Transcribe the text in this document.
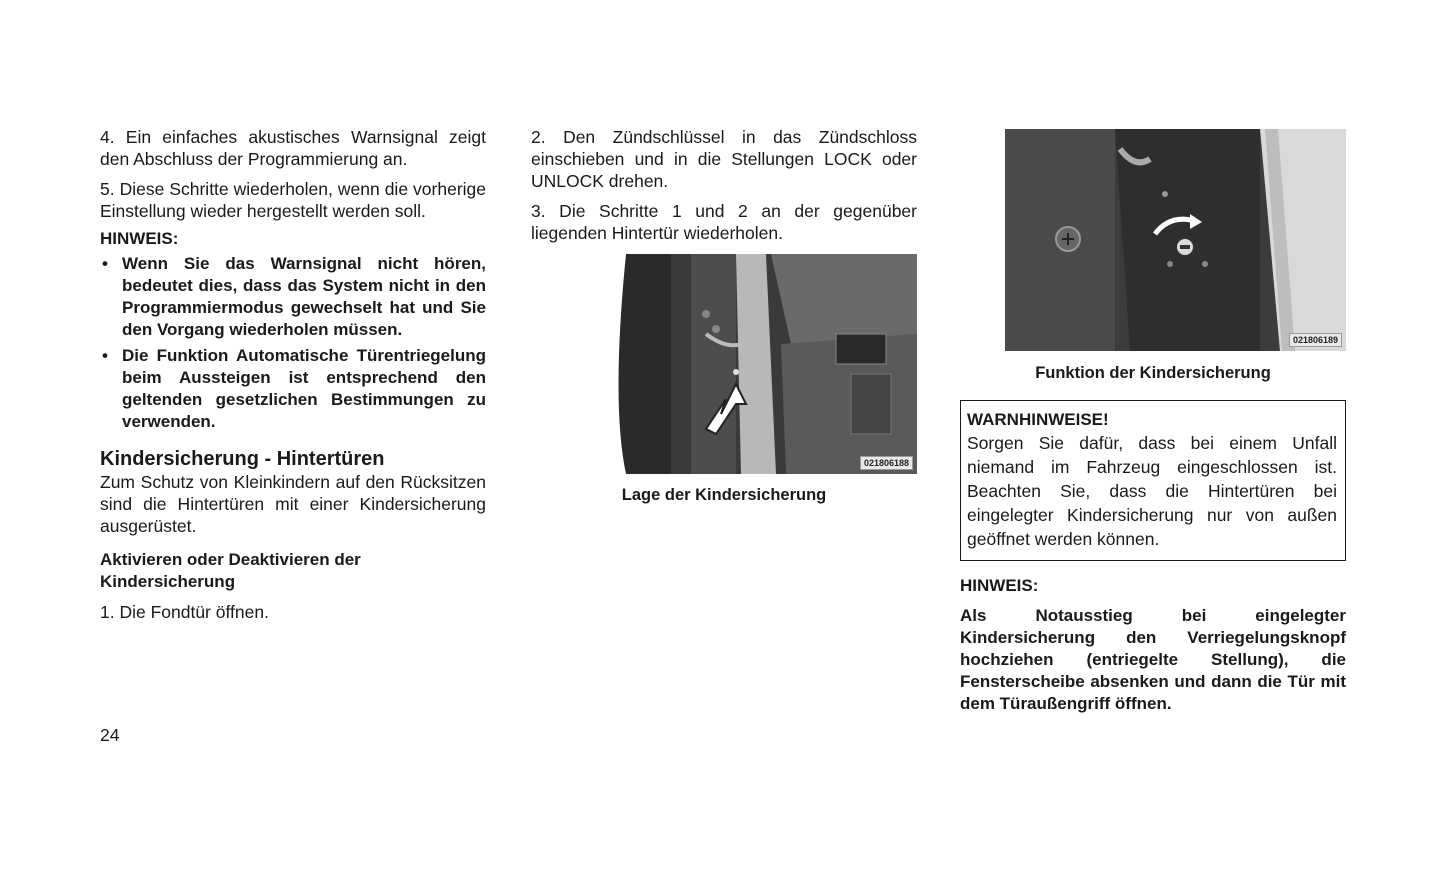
4. Ein einfaches akustisches Warnsignal zeigt den Abschluss der Programmierung an.

5. Diese Schritte wiederholen, wenn die vorherige Einstellung wieder hergestellt werden soll.

HINWEIS:
• Wenn Sie das Warnsignal nicht hören, bedeutet dies, dass das System nicht in den Programmiermodus gewechselt hat und Sie den Vorgang wiederholen müssen.
• Die Funktion Automatische Türentriegelung beim Aussteigen ist entsprechend den geltenden gesetzlichen Bestimmungen zu verwenden.
Kindersicherung - Hintertüren

Zum Schutz von Kleinkindern auf den Rücksitzen sind die Hintertüren mit einer Kindersicherung ausgerüstet.

Aktivieren oder Deaktivieren der Kindersicherung

1. Die Fondtür öffnen.

24

2. Den Zündschlüssel in das Zündschloss einschieben und in die Stellungen LOCK oder UNLOCK drehen.

3. Die Schritte 1 und 2 an der gegenüber liegenden Hintertür wiederholen.

021806188
Lage der Kindersicherung
021806189
Funktion der Kindersicherung
WARNHINWEISE!

Sorgen Sie dafür, dass bei einem Unfall niemand im Fahrzeug eingeschlossen ist. Beachten Sie, dass die Hintertüren bei eingelegter Kindersicherung nur von außen geöffnet werden können.

HINWEIS:
Als Notausstieg bei eingelegter Kindersicherung den Verriegelungsknopf hochziehen (entriegelte Stellung), die Fensterscheibe absenken und dann die Tür mit dem Türaußengriff öffnen.
